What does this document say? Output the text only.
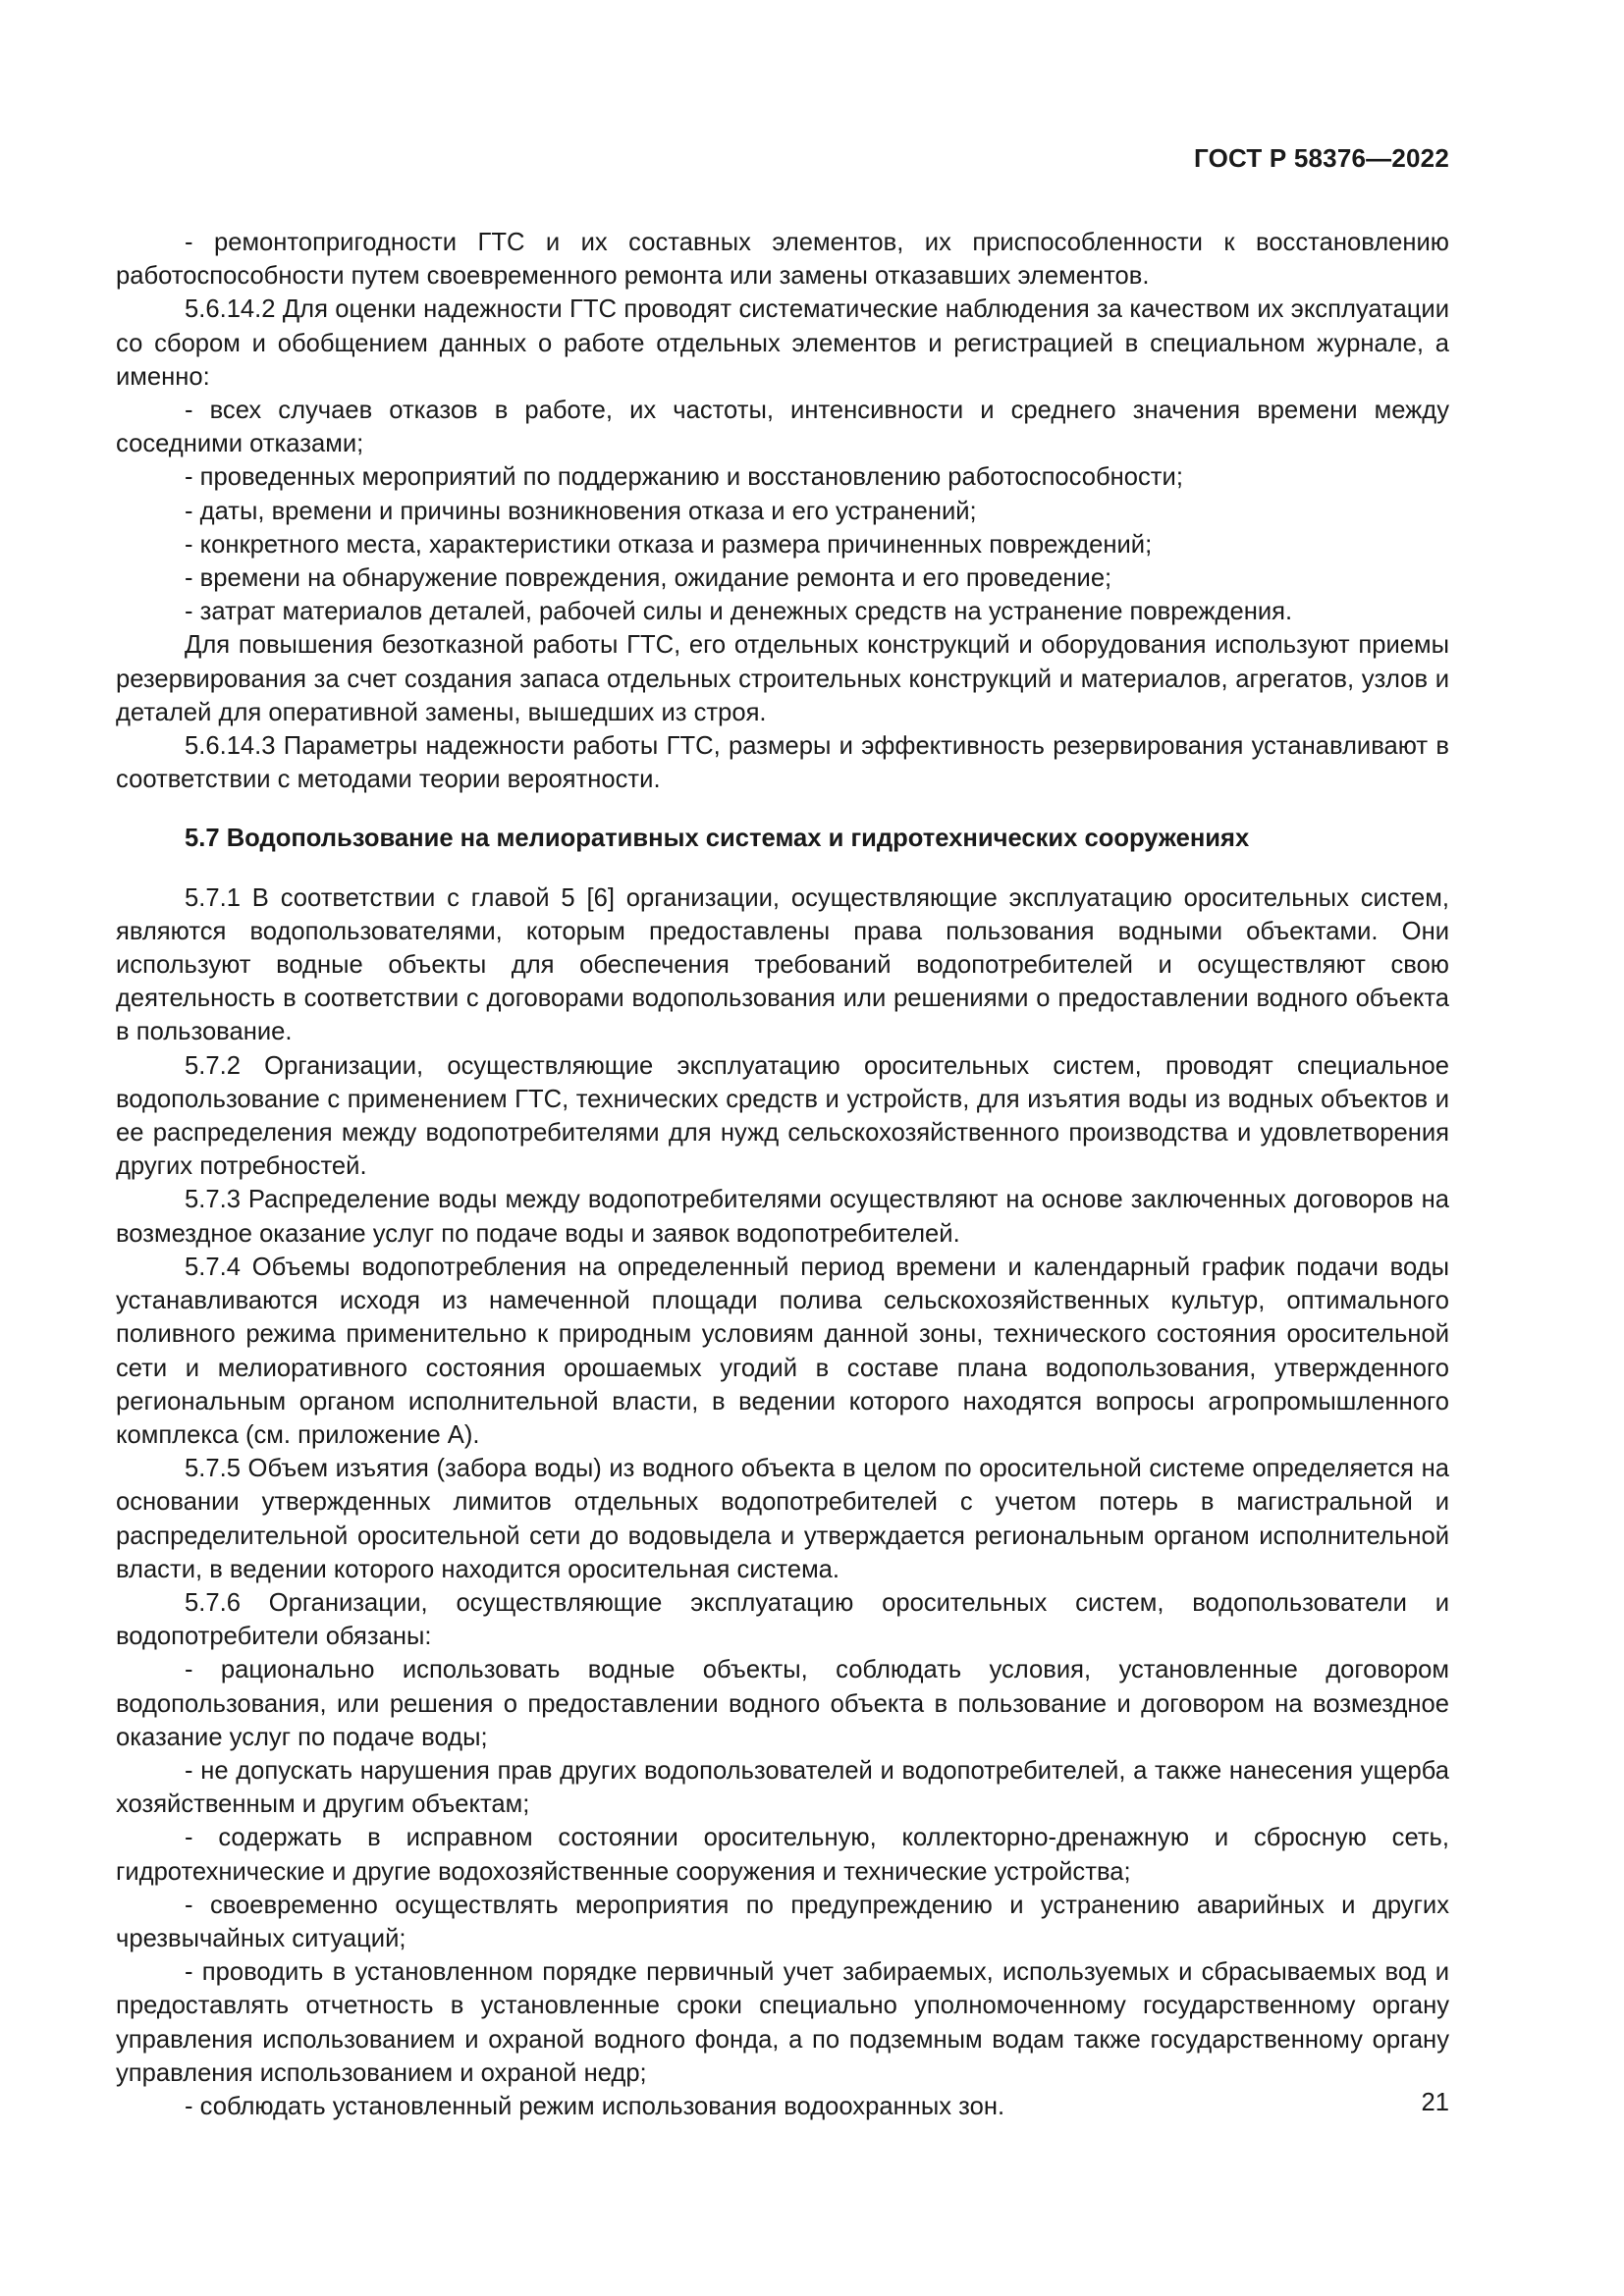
ГОСТ Р 58376—2022

- ремонтопригодности ГТС и их составных элементов, их приспособленности к восстановлению работоспособности путем своевременного ремонта или замены отказавших элементов.

5.6.14.2 Для оценки надежности ГТС проводят систематические наблюдения за качеством их эксплуатации со сбором и обобщением данных о работе отдельных элементов и регистрацией в специальном журнале, а именно:

- всех случаев отказов в работе, их частоты, интенсивности и среднего значения времени между соседними отказами;

- проведенных мероприятий по поддержанию и восстановлению работоспособности;

- даты, времени и причины возникновения отказа и его устранений;

- конкретного места, характеристики отказа и размера причиненных повреждений;

- времени на обнаружение повреждения, ожидание ремонта и его проведение;

- затрат материалов деталей, рабочей силы и денежных средств на устранение повреждения.

Для повышения безотказной работы ГТС, его отдельных конструкций и оборудования используют приемы резервирования за счет создания запаса отдельных строительных конструкций и материалов, агрегатов, узлов и деталей для оперативной замены, вышедших из строя.

5.6.14.3 Параметры надежности работы ГТС, размеры и эффективность резервирования устанавливают в соответствии с методами теории вероятности.

5.7 Водопользование на мелиоративных системах и гидротехнических сооружениях

5.7.1 В соответствии с главой 5 [6] организации, осуществляющие эксплуатацию оросительных систем, являются водопользователями, которым предоставлены права пользования водными объектами. Они используют водные объекты для обеспечения требований водопотребителей и осуществляют свою деятельность в соответствии с договорами водопользования или решениями о предоставлении водного объекта в пользование.

5.7.2 Организации, осуществляющие эксплуатацию оросительных систем, проводят специальное водопользование с применением ГТС, технических средств и устройств, для изъятия воды из водных объектов и ее распределения между водопотребителями для нужд сельскохозяйственного производства и удовлетворения других потребностей.

5.7.3 Распределение воды между водопотребителями осуществляют на основе заключенных договоров на возмездное оказание услуг по подаче воды и заявок водопотребителей.

5.7.4 Объемы водопотребления на определенный период времени и календарный график подачи воды устанавливаются исходя из намеченной площади полива сельскохозяйственных культур, оптимального поливного режима применительно к природным условиям данной зоны, технического состояния оросительной сети и мелиоративного состояния орошаемых угодий в составе плана водопользования, утвержденного региональным органом исполнительной власти, в ведении которого находятся вопросы агропромышленного комплекса (см. приложение А).

5.7.5 Объем изъятия (забора воды) из водного объекта в целом по оросительной системе определяется на основании утвержденных лимитов отдельных водопотребителей с учетом потерь в магистральной и распределительной оросительной сети до водовыдела и утверждается региональным органом исполнительной власти, в ведении которого находится оросительная система.

5.7.6 Организации, осуществляющие эксплуатацию оросительных систем, водопользователи и водопотребители обязаны:

- рационально использовать водные объекты, соблюдать условия, установленные договором водопользования, или решения о предоставлении водного объекта в пользование и договором на возмездное оказание услуг по подаче воды;

- не допускать нарушения прав других водопользователей и водопотребителей, а также нанесения ущерба хозяйственным и другим объектам;

- содержать в исправном состоянии оросительную, коллекторно-дренажную и сбросную сеть, гидротехнические и другие водохозяйственные сооружения и технические устройства;

- своевременно осуществлять мероприятия по предупреждению и устранению аварийных и других чрезвычайных ситуаций;

- проводить в установленном порядке первичный учет забираемых, используемых и сбрасываемых вод и предоставлять отчетность в установленные сроки специально уполномоченному государственному органу управления использованием и охраной водного фонда, а по подземным водам также государственному органу управления использованием и охраной недр;

- соблюдать установленный режим использования водоохранных зон.	21
